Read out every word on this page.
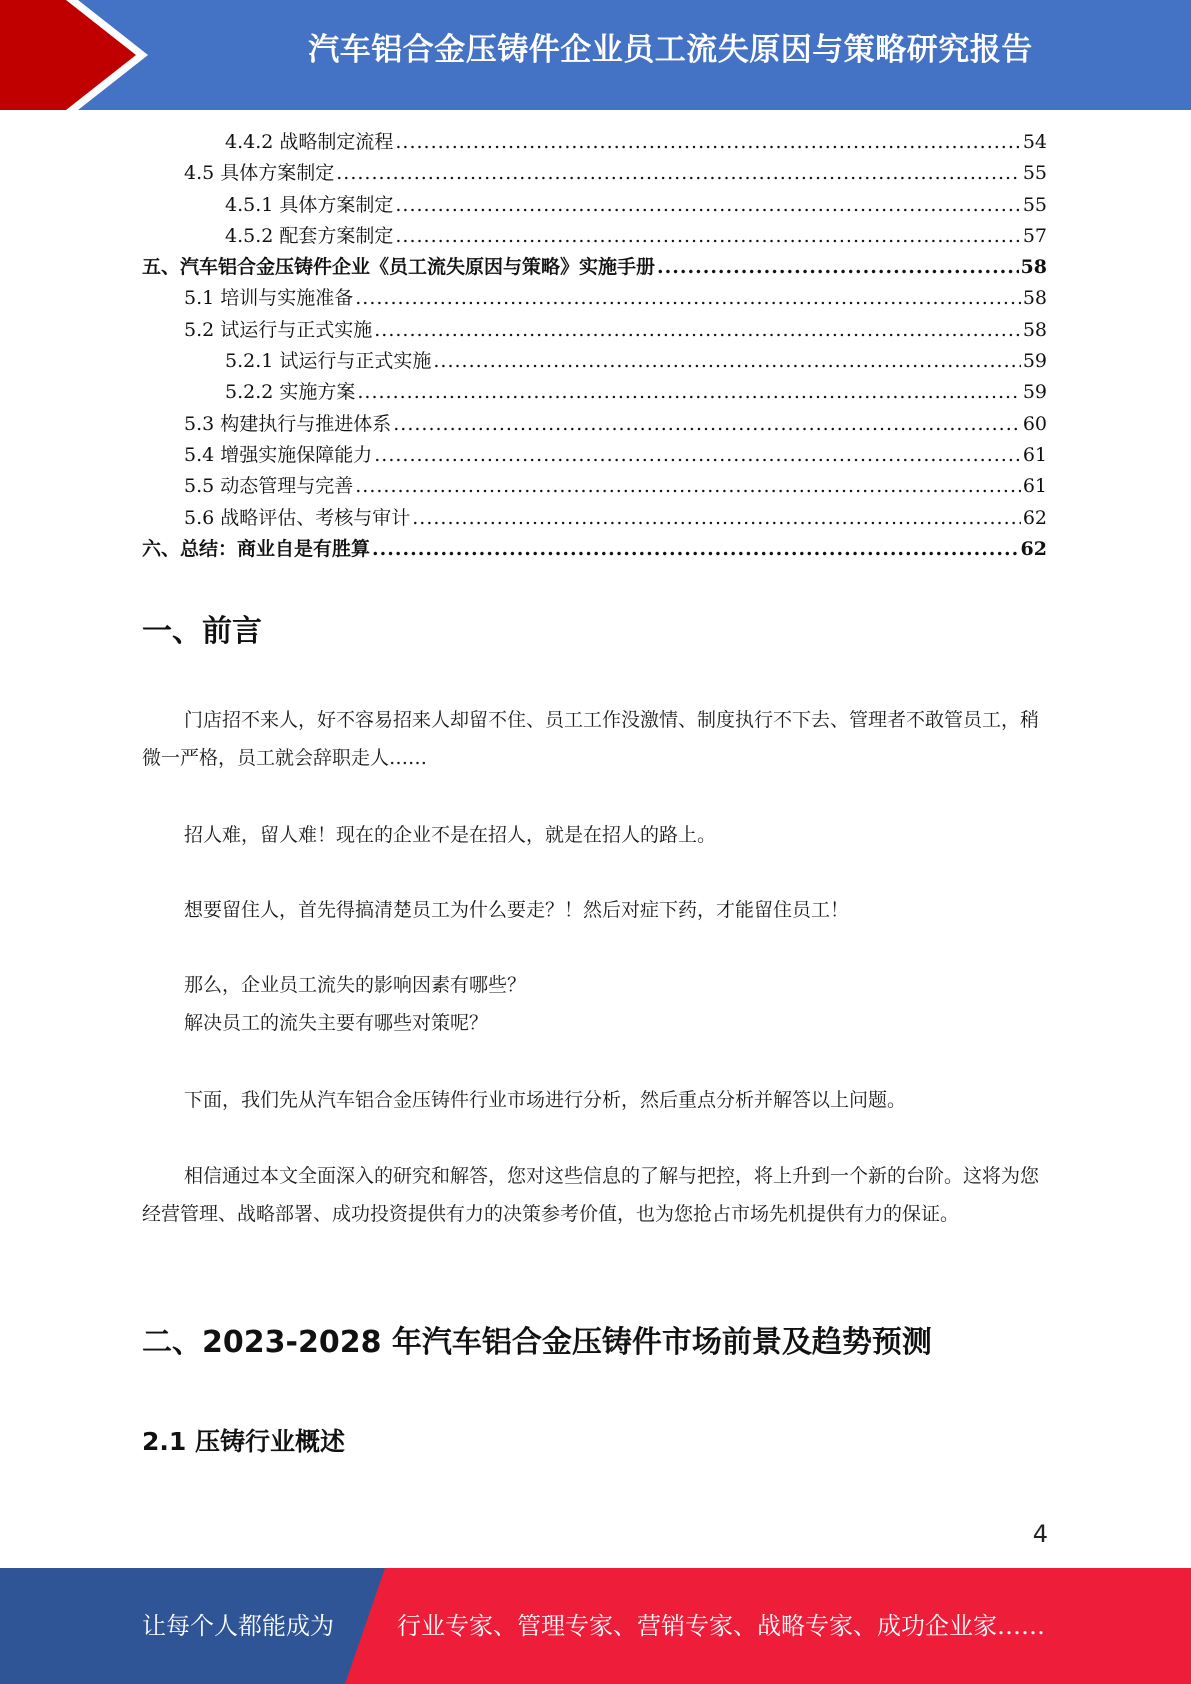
汽车铝合金压铸件企业员工流失原因与策略研究报告
4.4.2 战略制定流程 .....	54
4.5 具体方案制定 .....	55
4.5.1 具体方案制定 .....	55
4.5.2 配套方案制定 .....	57
五、汽车铝合金压铸件企业《员工流失原因与策略》实施手册 .....	58
5.1 培训与实施准备 .....	58
5.2 试运行与正式实施 .....	58
5.2.1 试运行与正式实施 .....	59
5.2.2 实施方案 .....	59
5.3 构建执行与推进体系 .....	60
5.4 增强实施保障能力 .....	61
5.5 动态管理与完善 .....	61
5.6 战略评估、考核与审计 .....	62
六、总结：商业自是有胜算 .....	62
一、前言
门店招不来人，好不容易招来人却留不住、员工工作没激情、制度执行不下去、管理者不敢管员工，稍微一严格，员工就会辞职走人……
招人难，留人难！现在的企业不是在招人，就是在招人的路上。
想要留住人，首先得搞清楚员工为什么要走？！然后对症下药，才能留住员工！
那么，企业员工流失的影响因素有哪些？
解决员工的流失主要有哪些对策呢？
下面，我们先从汽车铝合金压铸件行业市场进行分析，然后重点分析并解答以上问题。
相信通过本文全面深入的研究和解答，您对这些信息的了解与把控，将上升到一个新的台阶。这将为您经营管理、战略部署、成功投资提供有力的决策参考价值，也为您抢占市场先机提供有力的保证。
二、2023-2028 年汽车铝合金压铸件市场前景及趋势预测
2.1 压铸行业概述
4
让每个人都能成为	行业专家、管理专家、营销专家、战略专家、成功企业家……
